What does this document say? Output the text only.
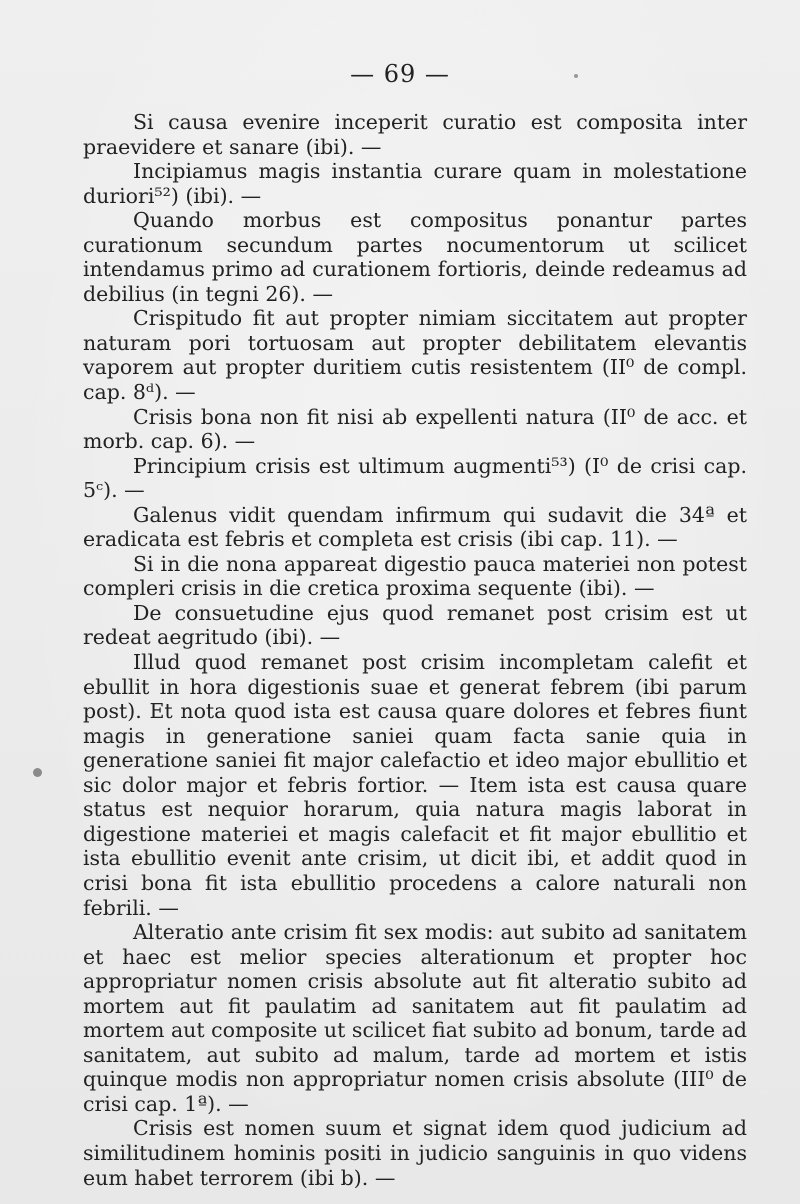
— 69 —

Si causa evenire inceperit curatio est composita inter praevidere et sanare (ibi). —

Incipiamus magis instantia curare quam in molestatione duriori⁵²) (ibi). —

Quando morbus est compositus ponantur partes curationum secundum partes nocumentorum ut scilicet intendamus primo ad curationem fortioris, deinde redeamus ad debilius (in tegni 26). —

Crispitudo fit aut propter nimiam siccitatem aut propter naturam pori tortuosam aut propter debilitatem elevantis vaporem aut propter duritiem cutis resistentem (II⁰ de compl. cap. 8ᵈ). —

Crisis bona non fit nisi ab expellenti natura (II⁰ de acc. et morb. cap. 6). —

Principium crisis est ultimum augmenti⁵³) (I⁰ de crisi cap. 5ᶜ). —

Galenus vidit quendam infirmum qui sudavit die 34ª et eradicata est febris et completa est crisis (ibi cap. 11). —

Si in die nona appareat digestio pauca materiei non potest compleri crisis in die cretica proxima sequente (ibi). —

De consuetudine ejus quod remanet post crisim est ut redeat aegritudo (ibi). —

Illud quod remanet post crisim incompletam calefit et ebullit in hora digestionis suae et generat febrem (ibi parum post). Et nota quod ista est causa quare dolores et febres fiunt magis in generatione saniei quam facta sanie quia in generatione saniei fit major calefactio et ideo major ebullitio et sic dolor major et febris fortior. — Item ista est causa quare status est nequior horarum, quia natura magis laborat in digestione materiei et magis calefacit et fit major ebullitio et ista ebullitio evenit ante crisim, ut dicit ibi, et addit quod in crisi bona fit ista ebullitio procedens a calore naturali non febrili. —

Alteratio ante crisim fit sex modis: aut subito ad sanitatem et haec est melior species alterationum et propter hoc appropriatur nomen crisis absolute aut fit alteratio subito ad mortem aut fit paulatim ad sanitatem aut fit paulatim ad mortem aut composite ut scilicet fiat subito ad bonum, tarde ad sanitatem, aut subito ad malum, tarde ad mortem et istis quinque modis non appropriatur nomen crisis absolute (III⁰ de crisi cap. 1ª). —

Crisis est nomen suum et signat idem quod judicium ad similitudinem hominis positi in judicio sanguinis in quo videns eum habet terrorem (ibi b). —
